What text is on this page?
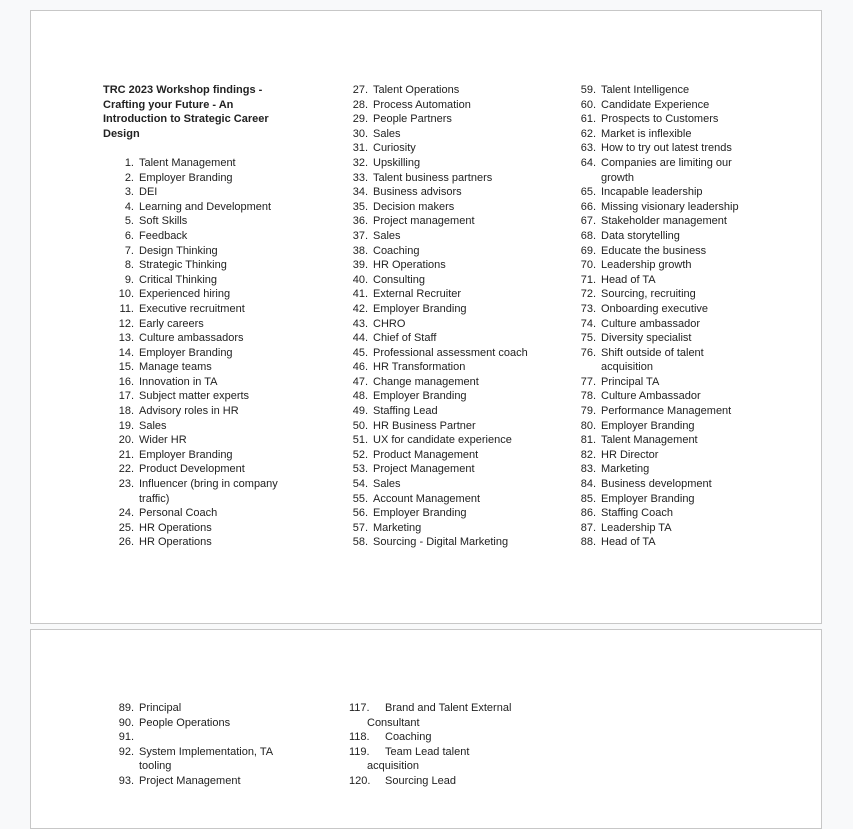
TRC 2023 Workshop findings - Crafting your Future - An Introduction to Strategic Career Design

1. Talent Management
2. Employer Branding
3. DEI
4. Learning and Development
5. Soft Skills
6. Feedback
7. Design Thinking
8. Strategic Thinking
9. Critical Thinking
10. Experienced hiring
11. Executive recruitment
12. Early careers
13. Culture ambassadors
14. Employer Branding
15. Manage teams
16. Innovation in TA
17. Subject matter experts
18. Advisory roles in HR
19. Sales
20. Wider HR
21. Employer Branding
22. Product Development
23. Influencer (bring in company traffic)
24. Personal Coach
25. HR Operations
26. HR Operations
27. Talent Operations
28. Process Automation
29. People Partners
30. Sales
31. Curiosity
32. Upskilling
33. Talent business partners
34. Business advisors
35. Decision makers
36. Project management
37. Sales
38. Coaching
39. HR Operations
40. Consulting
41. External Recruiter
42. Employer Branding
43. CHRO
44. Chief of Staff
45. Professional assessment coach
46. HR Transformation
47. Change management
48. Employer Branding
49. Staffing Lead
50. HR Business Partner
51. UX for candidate experience
52. Product Management
53. Project Management
54. Sales
55. Account Management
56. Employer Branding
57. Marketing
58. Sourcing - Digital Marketing
59. Talent Intelligence
60. Candidate Experience
61. Prospects to Customers
62. Market is inflexible
63. How to try out latest trends
64. Companies are limiting our growth
65. Incapable leadership
66. Missing visionary leadership
67. Stakeholder management
68. Data storytelling
69. Educate the business
70. Leadership growth
71. Head of TA
72. Sourcing, recruiting
73. Onboarding executive
74. Culture ambassador
75. Diversity specialist
76. Shift outside of talent acquisition
77. Principal TA
78. Culture Ambassador
79. Performance Management
80. Employer Branding
81. Talent Management
82. HR Director
83. Marketing
84. Business development
85. Employer Branding
86. Staffing Coach
87. Leadership TA
88. Head of TA
89. Principal
90. People Operations
91.
92. System Implementation, TA tooling
93. Project Management
117. Brand and Talent External
Consultant
118. Coaching
119. Team Lead talent
acquisition
120. Sourcing Lead
